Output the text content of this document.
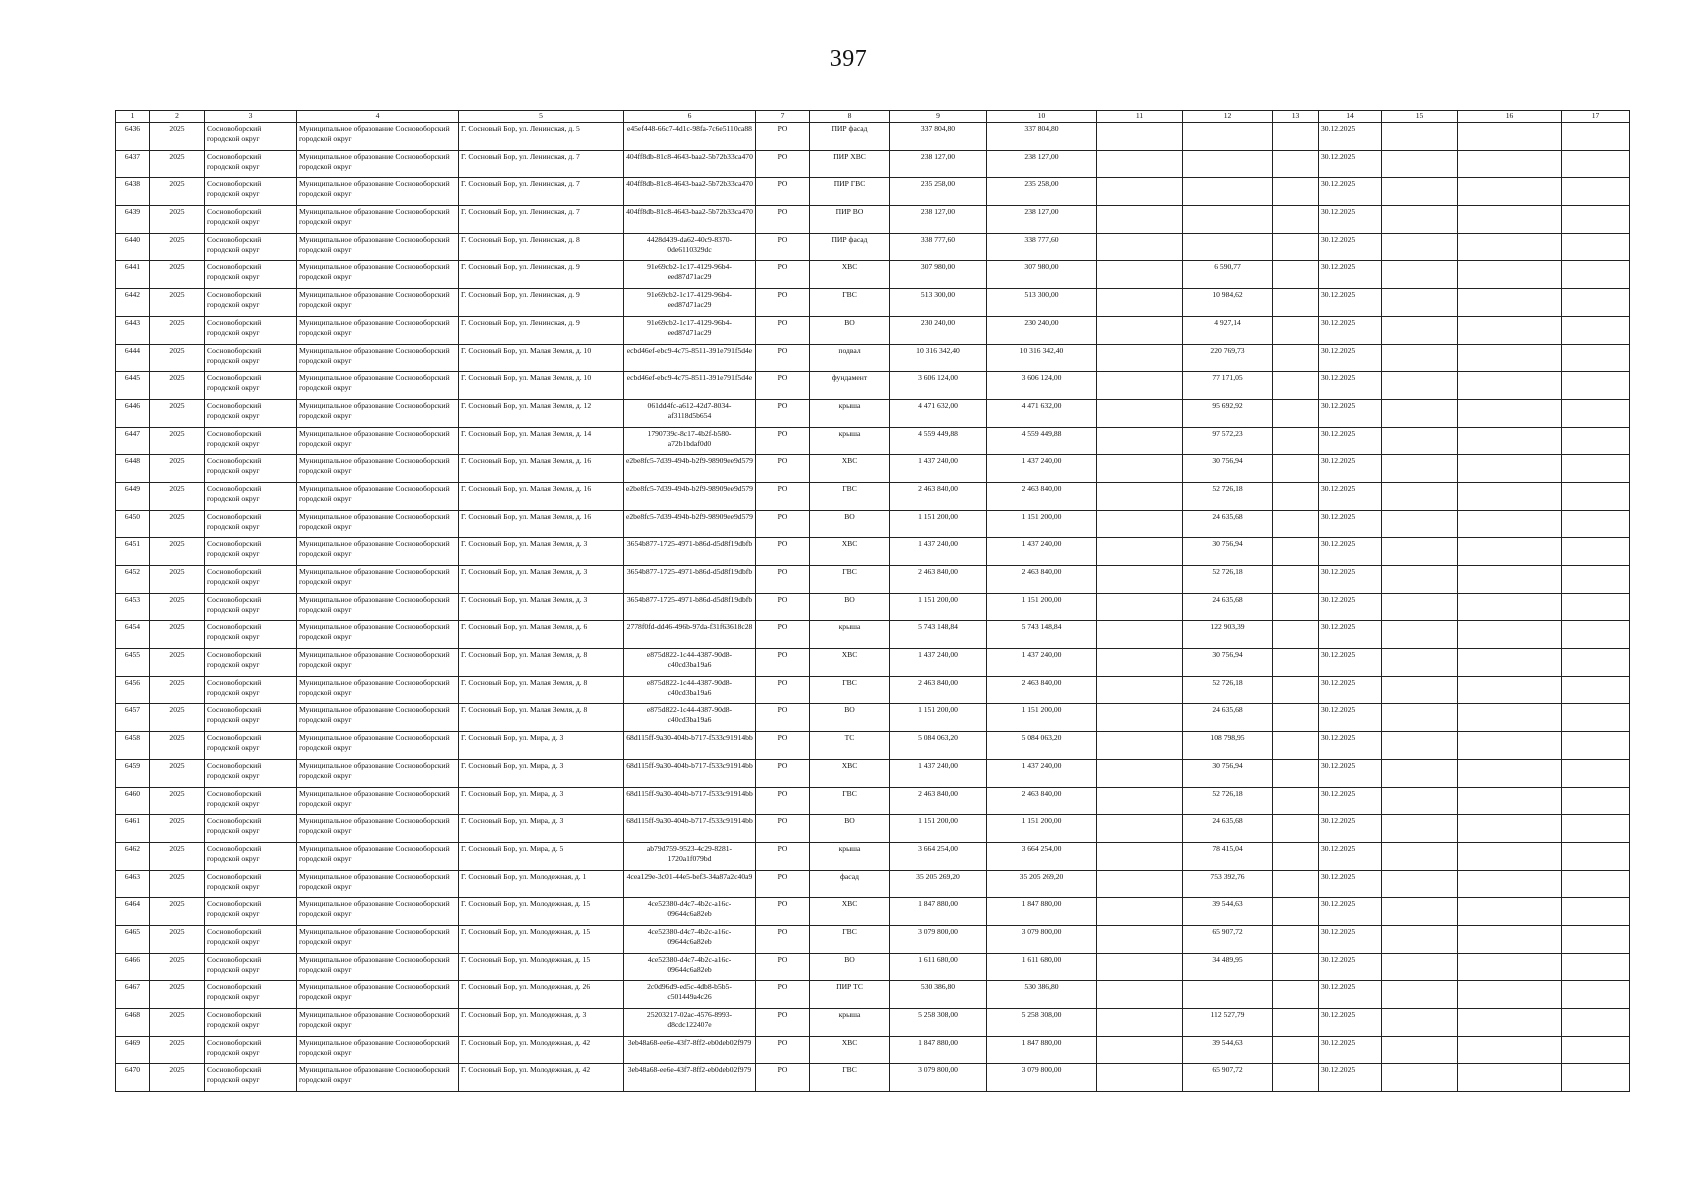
397
1	2	3	4	5	6	7	8	9	10	11	12	13	14	15	16	17
6436	2025	Сосновоборский городской округ	Муниципальное образование Сосновоборский городской округ	Г. Сосновый Бор, ул. Ленинская, д. 5	e45ef448-66c7-4d1c-98fa-7c6e5110ca88	РО	ПИР фасад	337 804,80	337 804,80				30.12.2025			
6437	2025	Сосновоборский городской округ	Муниципальное образование Сосновоборский городской округ	Г. Сосновый Бор, ул. Ленинская, д. 7	404ff8db-81c8-4643-baa2-5b72b33ca470	РО	ПИР ХВС	238 127,00	238 127,00				30.12.2025			
6438	2025	Сосновоборский городской округ	Муниципальное образование Сосновоборский городской округ	Г. Сосновый Бор, ул. Ленинская, д. 7	404ff8db-81c8-4643-baa2-5b72b33ca470	РО	ПИР ГВС	235 258,00	235 258,00				30.12.2025			
6439	2025	Сосновоборский городской округ	Муниципальное образование Сосновоборский городской округ	Г. Сосновый Бор, ул. Ленинская, д. 7	404ff8db-81c8-4643-baa2-5b72b33ca470	РО	ПИР ВО	238 127,00	238 127,00				30.12.2025			
6440	2025	Сосновоборский городской округ	Муниципальное образование Сосновоборский городской округ	Г. Сосновый Бор, ул. Ленинская, д. 8	4428d439-da62-40c9-8370-0de6110329dc	РО	ПИР фасад	338 777,60	338 777,60				30.12.2025			
6441	2025	Сосновоборский городской округ	Муниципальное образование Сосновоборский городской округ	Г. Сосновый Бор, ул. Ленинская, д. 9	91e69cb2-1c17-4129-96b4-eed87d71ac29	РО	ХВС	307 980,00	307 980,00		6 590,77		30.12.2025			
6442	2025	Сосновоборский городской округ	Муниципальное образование Сосновоборский городской округ	Г. Сосновый Бор, ул. Ленинская, д. 9	91e69cb2-1c17-4129-96b4-eed87d71ac29	РО	ГВС	513 300,00	513 300,00		10 984,62		30.12.2025			
6443	2025	Сосновоборский городской округ	Муниципальное образование Сосновоборский городской округ	Г. Сосновый Бор, ул. Ленинская, д. 9	91e69cb2-1c17-4129-96b4-eed87d71ac29	РО	ВО	230 240,00	230 240,00		4 927,14		30.12.2025			
6444	2025	Сосновоборский городской округ	Муниципальное образование Сосновоборский городской округ	Г. Сосновый Бор, ул. Малая Земля, д. 10	ecbd46ef-ebc9-4c75-8511-391e791f5d4e	РО	подвал	10 316 342,40	10 316 342,40		220 769,73		30.12.2025			
6445	2025	Сосновоборский городской округ	Муниципальное образование Сосновоборский городской округ	Г. Сосновый Бор, ул. Малая Земля, д. 10	ecbd46ef-ebc9-4c75-8511-391e791f5d4e	РО	фундамент	3 606 124,00	3 606 124,00		77 171,05		30.12.2025			
6446	2025	Сосновоборский городской округ	Муниципальное образование Сосновоборский городской округ	Г. Сосновый Бор, ул. Малая Земля, д. 12	061dd4fc-a612-42d7-8034-af3118d5b654	РО	крыша	4 471 632,00	4 471 632,00		95 692,92		30.12.2025			
6447	2025	Сосновоборский городской округ	Муниципальное образование Сосновоборский городской округ	Г. Сосновый Бор, ул. Малая Земля, д. 14	1790739c-8c17-4b2f-b580-a72b1bdaf0d0	РО	крыша	4 559 449,88	4 559 449,88		97 572,23		30.12.2025			
6448	2025	Сосновоборский городской округ	Муниципальное образование Сосновоборский городской округ	Г. Сосновый Бор, ул. Малая Земля, д. 16	e2be8fc5-7d39-494b-b2f9-98909ee9d579	РО	ХВС	1 437 240,00	1 437 240,00		30 756,94		30.12.2025			
6449	2025	Сосновоборский городской округ	Муниципальное образование Сосновоборский городской округ	Г. Сосновый Бор, ул. Малая Земля, д. 16	e2be8fc5-7d39-494b-b2f9-98909ee9d579	РО	ГВС	2 463 840,00	2 463 840,00		52 726,18		30.12.2025			
6450	2025	Сосновоборский городской округ	Муниципальное образование Сосновоборский городской округ	Г. Сосновый Бор, ул. Малая Земля, д. 16	e2be8fc5-7d39-494b-b2f9-98909ee9d579	РО	ВО	1 151 200,00	1 151 200,00		24 635,68		30.12.2025			
6451	2025	Сосновоборский городской округ	Муниципальное образование Сосновоборский городской округ	Г. Сосновый Бор, ул. Малая Земля, д. 3	3654b877-1725-4971-b86d-d5d8f19dbfb	РО	ХВС	1 437 240,00	1 437 240,00		30 756,94		30.12.2025			
6452	2025	Сосновоборский городской округ	Муниципальное образование Сосновоборский городской округ	Г. Сосновый Бор, ул. Малая Земля, д. 3	3654b877-1725-4971-b86d-d5d8f19dbfb	РО	ГВС	2 463 840,00	2 463 840,00		52 726,18		30.12.2025			
6453	2025	Сосновоборский городской округ	Муниципальное образование Сосновоборский городской округ	Г. Сосновый Бор, ул. Малая Земля, д. 3	3654b877-1725-4971-b86d-d5d8f19dbfb	РО	ВО	1 151 200,00	1 151 200,00		24 635,68		30.12.2025			
6454	2025	Сосновоборский городской округ	Муниципальное образование Сосновоборский городской округ	Г. Сосновый Бор, ул. Малая Земля, д. 6	2778f0fd-dd46-496b-97da-f31f63618c28	РО	крыша	5 743 148,84	5 743 148,84		122 903,39		30.12.2025			
6455	2025	Сосновоборский городской округ	Муниципальное образование Сосновоборский городской округ	Г. Сосновый Бор, ул. Малая Земля, д. 8	e875d822-1c44-4387-90d8-c40cd3ba19a6	РО	ХВС	1 437 240,00	1 437 240,00		30 756,94		30.12.2025			
6456	2025	Сосновоборский городской округ	Муниципальное образование Сосновоборский городской округ	Г. Сосновый Бор, ул. Малая Земля, д. 8	e875d822-1c44-4387-90d8-c40cd3ba19a6	РО	ГВС	2 463 840,00	2 463 840,00		52 726,18		30.12.2025			
6457	2025	Сосновоборский городской округ	Муниципальное образование Сосновоборский городской округ	Г. Сосновый Бор, ул. Малая Земля, д. 8	e875d822-1c44-4387-90d8-c40cd3ba19a6	РО	ВО	1 151 200,00	1 151 200,00		24 635,68		30.12.2025			
6458	2025	Сосновоборский городской округ	Муниципальное образование Сосновоборский городской округ	Г. Сосновый Бор, ул. Мира, д. 3	68d115ff-9a30-404b-b717-f533c91914bb	РО	ТС	5 084 063,20	5 084 063,20		108 798,95		30.12.2025			
6459	2025	Сосновоборский городской округ	Муниципальное образование Сосновоборский городской округ	Г. Сосновый Бор, ул. Мира, д. 3	68d115ff-9a30-404b-b717-f533c91914bb	РО	ХВС	1 437 240,00	1 437 240,00		30 756,94		30.12.2025			
6460	2025	Сосновоборский городской округ	Муниципальное образование Сосновоборский городской округ	Г. Сосновый Бор, ул. Мира, д. 3	68d115ff-9a30-404b-b717-f533c91914bb	РО	ГВС	2 463 840,00	2 463 840,00		52 726,18		30.12.2025			
6461	2025	Сосновоборский городской округ	Муниципальное образование Сосновоборский городской округ	Г. Сосновый Бор, ул. Мира, д. 3	68d115ff-9a30-404b-b717-f533c91914bb	РО	ВО	1 151 200,00	1 151 200,00		24 635,68		30.12.2025			
6462	2025	Сосновоборский городской округ	Муниципальное образование Сосновоборский городской округ	Г. Сосновый Бор, ул. Мира, д. 5	ab79d759-9523-4c29-8281-1720a1f079bd	РО	крыша	3 664 254,00	3 664 254,00		78 415,04		30.12.2025			
6463	2025	Сосновоборский городской округ	Муниципальное образование Сосновоборский городской округ	Г. Сосновый Бор, ул. Молодежная, д. 1	4cea129e-3c01-44e5-bef3-34a87a2c40a9	РО	фасад	35 205 269,20	35 205 269,20		753 392,76		30.12.2025			
6464	2025	Сосновоборский городской округ	Муниципальное образование Сосновоборский городской округ	Г. Сосновый Бор, ул. Молодежная, д. 15	4ce52380-d4c7-4b2c-a16c-09644c6a82eb	РО	ХВС	1 847 880,00	1 847 880,00		39 544,63		30.12.2025			
6465	2025	Сосновоборский городской округ	Муниципальное образование Сосновоборский городской округ	Г. Сосновый Бор, ул. Молодежная, д. 15	4ce52380-d4c7-4b2c-a16c-09644c6a82eb	РО	ГВС	3 079 800,00	3 079 800,00		65 907,72		30.12.2025			
6466	2025	Сосновоборский городской округ	Муниципальное образование Сосновоборский городской округ	Г. Сосновый Бор, ул. Молодежная, д. 15	4ce52380-d4c7-4b2c-a16c-09644c6a82eb	РО	ВО	1 611 680,00	1 611 680,00		34 489,95		30.12.2025			
6467	2025	Сосновоборский городской округ	Муниципальное образование Сосновоборский городской округ	Г. Сосновый Бор, ул. Молодежная, д. 26	2c0d96d9-ed5c-4db8-b5b5-c501449a4c26	РО	ПИР ТС	530 386,80	530 386,80				30.12.2025			
6468	2025	Сосновоборский городской округ	Муниципальное образование Сосновоборский городской округ	Г. Сосновый Бор, ул. Молодежная, д. 3	25203217-02ac-4576-8993-d8cdc122407e	РО	крыша	5 258 308,00	5 258 308,00		112 527,79		30.12.2025			
6469	2025	Сосновоборский городской округ	Муниципальное образование Сосновоборский городской округ	Г. Сосновый Бор, ул. Молодежная, д. 42	3eb48a68-ee6e-43f7-8ff2-eb0deb02f979	РО	ХВС	1 847 880,00	1 847 880,00		39 544,63		30.12.2025			
6470	2025	Сосновоборский городской округ	Муниципальное образование Сосновоборский городской округ	Г. Сосновый Бор, ул. Молодежная, д. 42	3eb48a68-ee6e-43f7-8ff2-eb0deb02f979	РО	ГВС	3 079 800,00	3 079 800,00		65 907,72		30.12.2025			
